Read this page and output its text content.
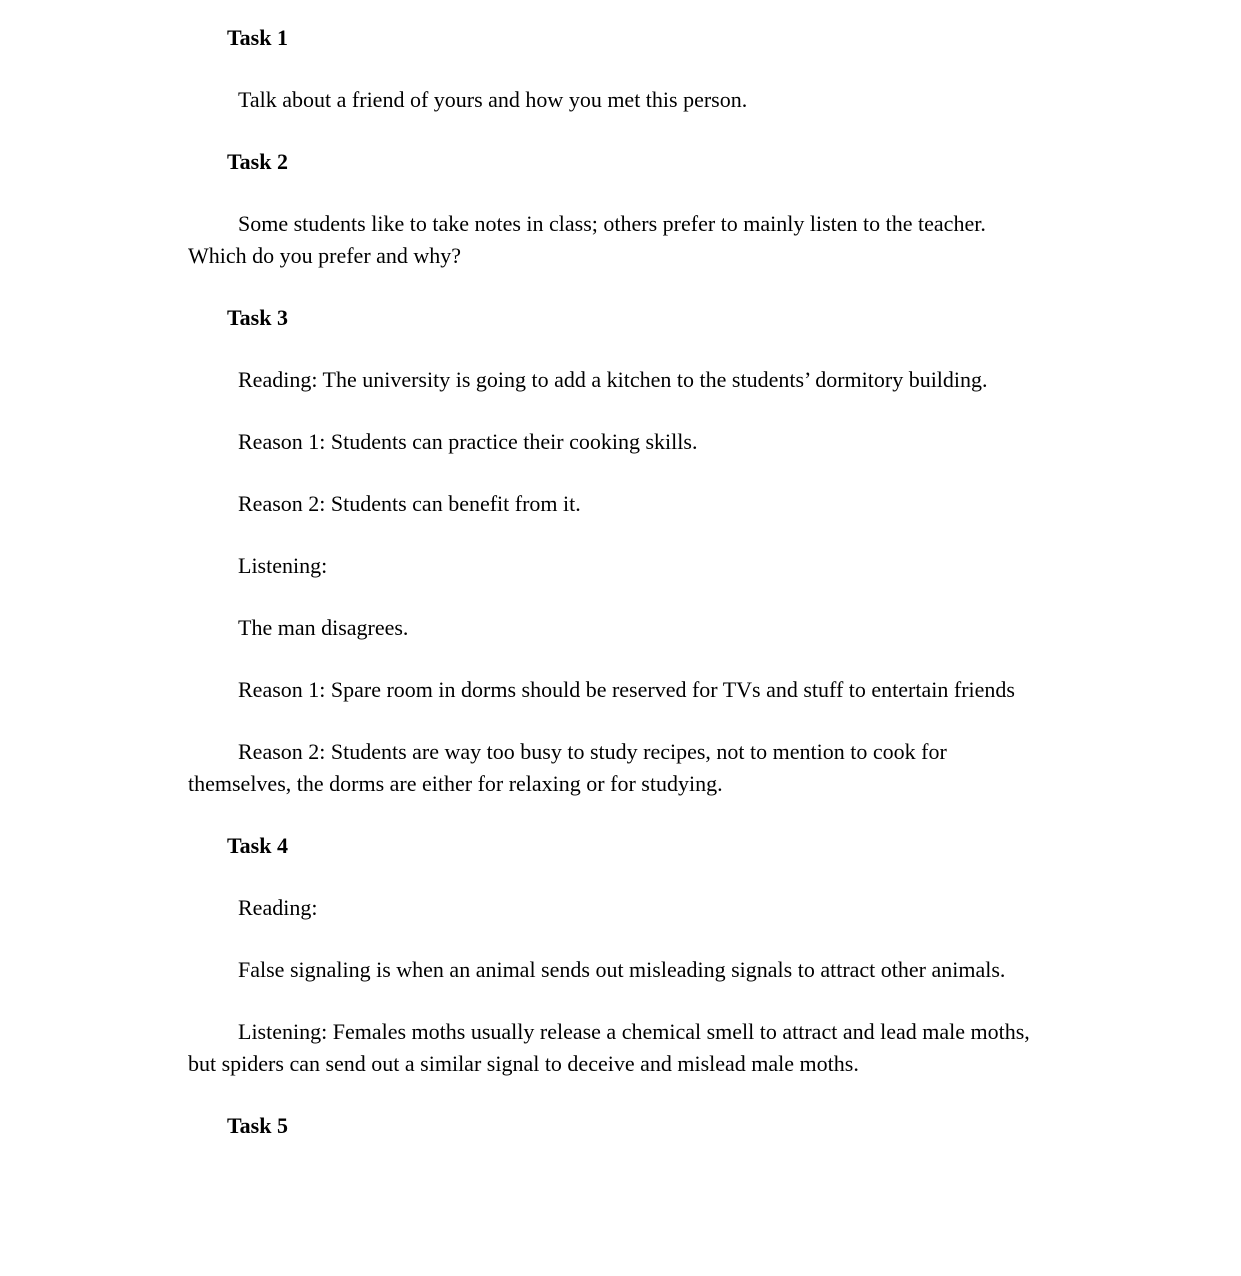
Task 1

Talk about a friend of yours and how you met this person.

Task 2

Some students like to take notes in class; others prefer to mainly listen to the teacher. Which do you prefer and why?

Task 3

Reading: The university is going to add a kitchen to the students’ dormitory building.

Reason 1: Students can practice their cooking skills.

Reason 2: Students can benefit from it.

Listening:

The man disagrees.

Reason 1: Spare room in dorms should be reserved for TVs and stuff to entertain friends

Reason 2: Students are way too busy to study recipes, not to mention to cook for themselves, the dorms are either for relaxing or for studying.

Task 4

Reading:

False signaling is when an animal sends out misleading signals to attract other animals.

Listening: Females moths usually release a chemical smell to attract and lead male moths, but spiders can send out a similar signal to deceive and mislead male moths.

Task 5
